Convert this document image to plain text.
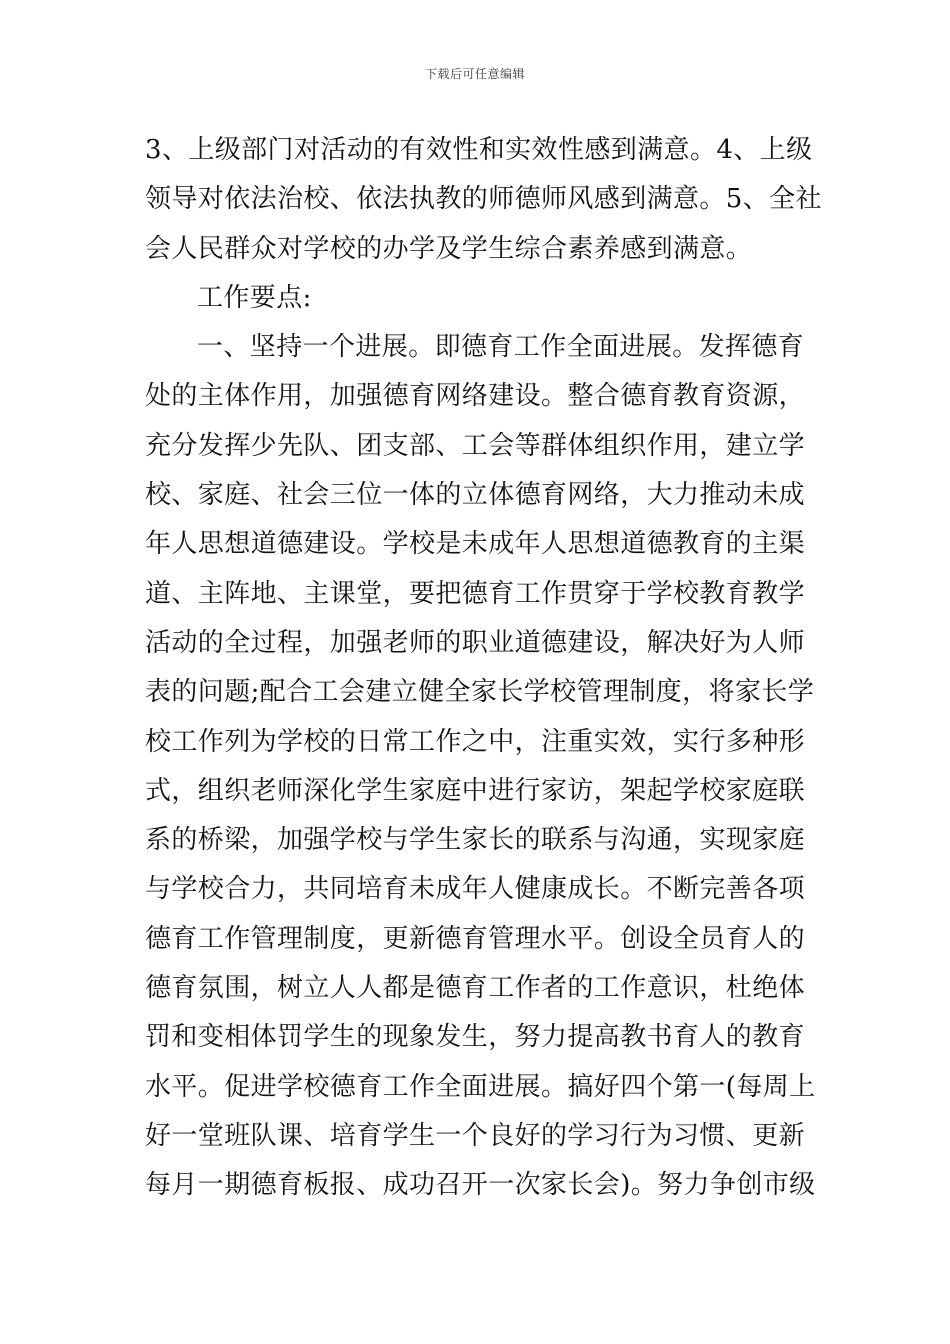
下载后可任意编辑
3、上级部门对活动的有效性和实效性感到满意。4、上级
领导对依法治校、依法执教的师德师风感到满意。5、全社
会人民群众对学校的办学及学生综合素养感到满意。
工作要点:
一、坚持一个进展。即德育工作全面进展。发挥德育
处的主体作用，加强德育网络建设。整合德育教育资源，
充分发挥少先队、团支部、工会等群体组织作用，建立学
校、家庭、社会三位一体的立体德育网络，大力推动未成
年人思想道德建设。学校是未成年人思想道德教育的主渠
道、主阵地、主课堂，要把德育工作贯穿于学校教育教学
活动的全过程，加强老师的职业道德建设，解决好为人师
表的问题;配合工会建立健全家长学校管理制度，将家长学
校工作列为学校的日常工作之中，注重实效，实行多种形
式，组织老师深化学生家庭中进行家访，架起学校家庭联
系的桥梁，加强学校与学生家长的联系与沟通，实现家庭
与学校合力，共同培育未成年人健康成长。不断完善各项
德育工作管理制度，更新德育管理水平。创设全员育人的
德育氛围，树立人人都是德育工作者的工作意识，杜绝体
罚和变相体罚学生的现象发生，努力提高教书育人的教育
水平。促进学校德育工作全面进展。搞好四个第一(每周上
好一堂班队课、培育学生一个良好的学习行为习惯、更新
每月一期德育板报、成功召开一次家长会)。努力争创市级
